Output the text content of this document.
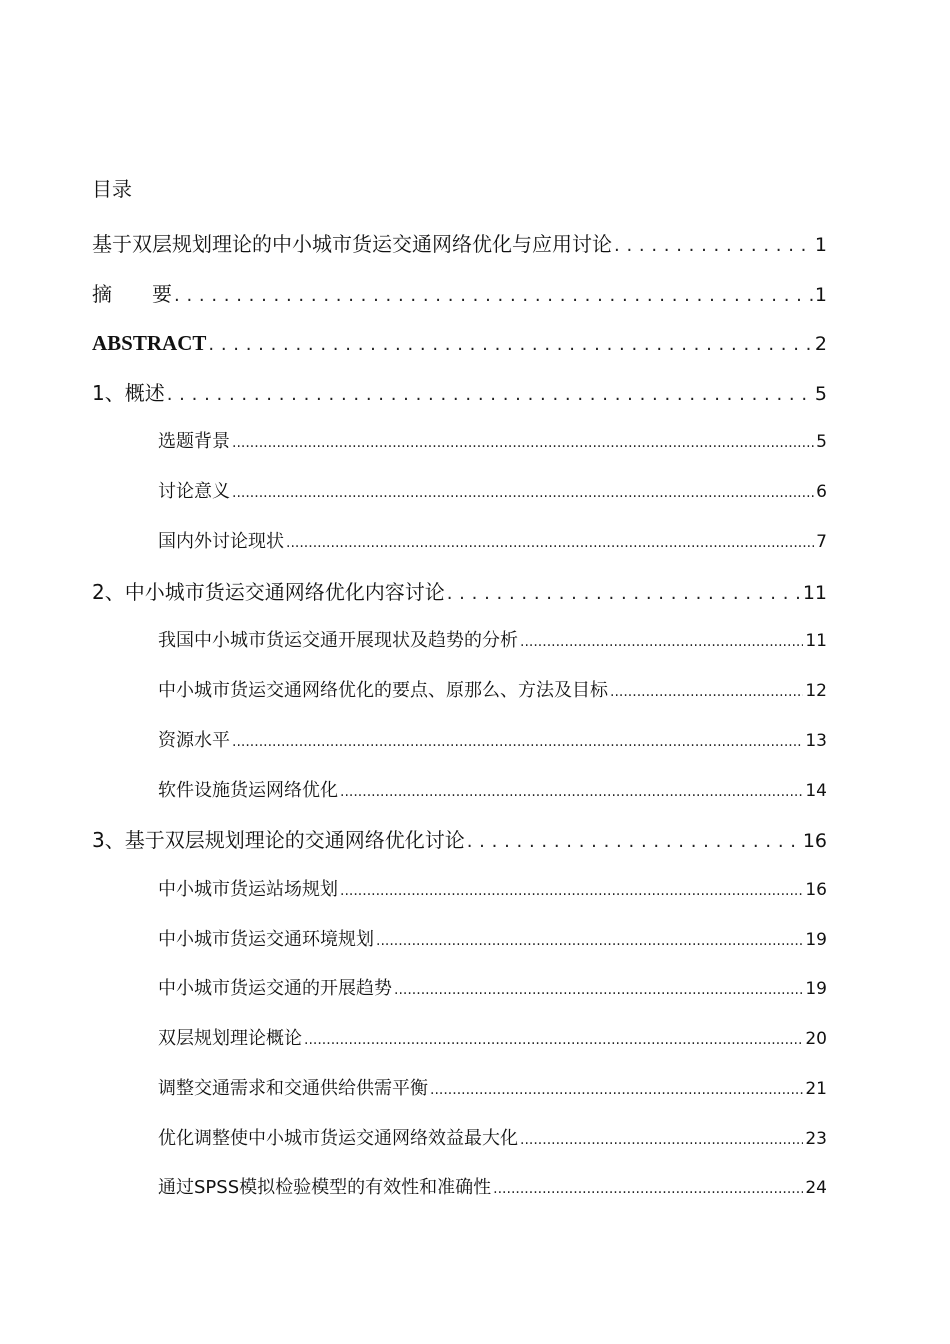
目录
基于双层规划理论的中小城市货运交通网络优化与应用讨论 . . .	1
摘　　要 . . .	1
ABSTRACT . . .	2
1、概述 . . .	5
选题背景 .....	5
讨论意义 .....	6
国内外讨论现状 .....	7
2、中小城市货运交通网络优化内容讨论 . . .	11
我国中小城市货运交通开展现状及趋势的分析 .....	11
中小城市货运交通网络优化的要点、原那么、方法及目标 .....	12
资源水平 .....	13
软件设施货运网络优化 .....	14
3、基于双层规划理论的交通网络优化讨论 . . .	16
中小城市货运站场规划 .....	16
中小城市货运交通环境规划 .....	19
中小城市货运交通的开展趋势 .....	19
双层规划理论概论 .....	20
调整交通需求和交通供给供需平衡 .....	21
优化调整使中小城市货运交通网络效益最大化 .....	23
通过SPSS模拟检验模型的有效性和准确性 .....	24
